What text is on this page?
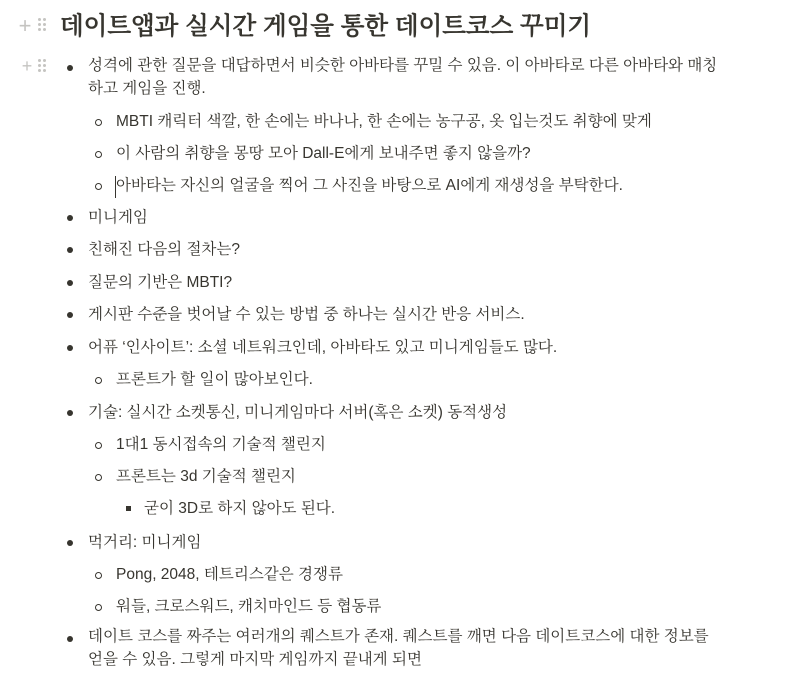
+ 데이트앱과 실시간 게임을 통한 데이트코스 꾸미기
+	성격에 관한 질문을 대답하면서 비슷한 아바타를 꾸밀 수 있음. 이 아바타로 다른 아바타와 매칭
하고 게임을 진행.
MBTI 캐릭터 색깔, 한 손에는 바나나, 한 손에는 농구공, 옷 입는것도 취향에 맞게
이 사람의 취향을 몽땅 모아 Dall-E에게 보내주면 좋지 않을까?
아바타는 자신의 얼굴을 찍어 그 사진을 바탕으로 AI에게 재생성을 부탁한다.
미니게임
친해진 다음의 절차는?
질문의 기반은 MBTI?
게시판 수준을 벗어날 수 있는 방법 중 하나는 실시간 반응 서비스.
어퓨 ‘인사이트’: 소셜 네트워크인데, 아바타도 있고 미니게임들도 많다.
프론트가 할 일이 많아보인다.
기술: 실시간 소켓통신, 미니게임마다 서버(혹은 소켓) 동적생성
1대1 동시접속의 기술적 챌린지
프론트는 3d 기술적 챌린지
굳이 3D로 하지 않아도 된다.
먹거리: 미니게임
Pong, 2048, 테트리스같은 경쟁류
워들, 크로스워드, 캐치마인드 등 협동류
데이트 코스를 짜주는 여러개의 퀘스트가 존재. 퀘스트를 깨면 다음 데이트코스에 대한 정보를
얻을 수 있음. 그렇게 마지막 게임까지 끝내게 되면
